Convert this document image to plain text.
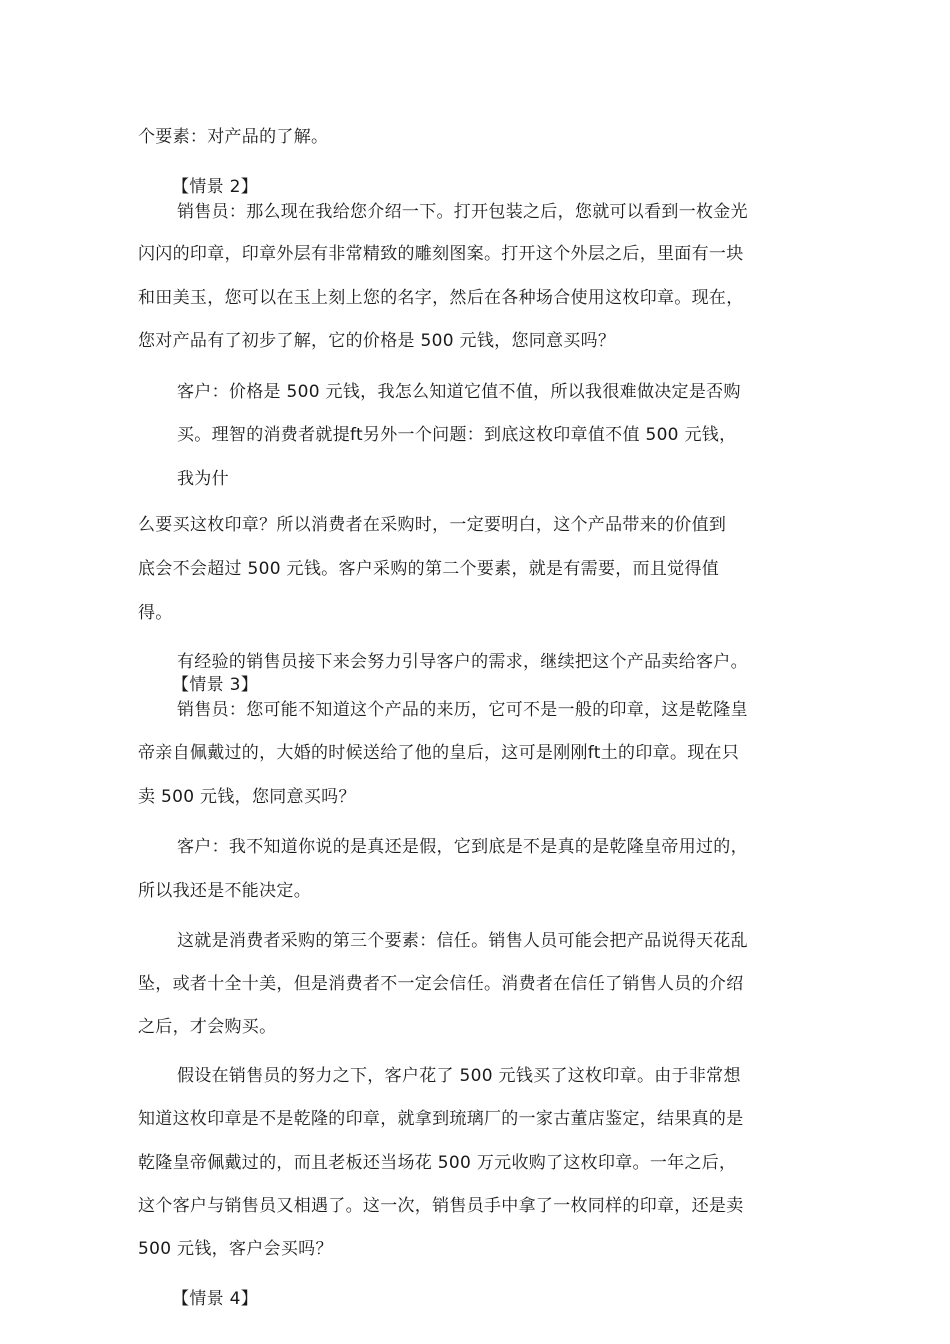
个要素：对产品的了解。
【情景 2】
销售员：那么现在我给您介绍一下。打开包装之后，您就可以看到一枚金光
闪闪的印章，印章外层有非常精致的雕刻图案。打开这个外层之后，里面有一块
和田美玉，您可以在玉上刻上您的名字，然后在各种场合使用这枚印章。现在，
您对产品有了初步了解，它的价格是 500 元钱，您同意买吗？
客户：价格是 500 元钱，我怎么知道它值不值，所以我很难做决定是否购
买。理智的消费者就提ft另外一个问题：到底这枚印章值不值 500 元钱，
我为什
么要买这枚印章？所以消费者在采购时，一定要明白，这个产品带来的价值到
底会不会超过 500 元钱。客户采购的第二个要素，就是有需要，而且觉得值
得。
有经验的销售员接下来会努力引导客户的需求，继续把这个产品卖给客户。
【情景 3】
销售员：您可能不知道这个产品的来历，它可不是一般的印章，这是乾隆皇
帝亲自佩戴过的，大婚的时候送给了他的皇后，这可是刚刚ft土的印章。现在只
卖 500 元钱，您同意买吗？
客户：我不知道你说的是真还是假，它到底是不是真的是乾隆皇帝用过的，
所以我还是不能决定。
这就是消费者采购的第三个要素：信任。销售人员可能会把产品说得天花乱
坠，或者十全十美，但是消费者不一定会信任。消费者在信任了销售人员的介绍
之后，才会购买。
假设在销售员的努力之下，客户花了 500 元钱买了这枚印章。由于非常想
知道这枚印章是不是乾隆的印章，就拿到琉璃厂的一家古董店鉴定，结果真的是
乾隆皇帝佩戴过的，而且老板还当场花 500 万元收购了这枚印章。一年之后，
这个客户与销售员又相遇了。这一次，销售员手中拿了一枚同样的印章，还是卖
500 元钱，客户会买吗？
【情景 4】
